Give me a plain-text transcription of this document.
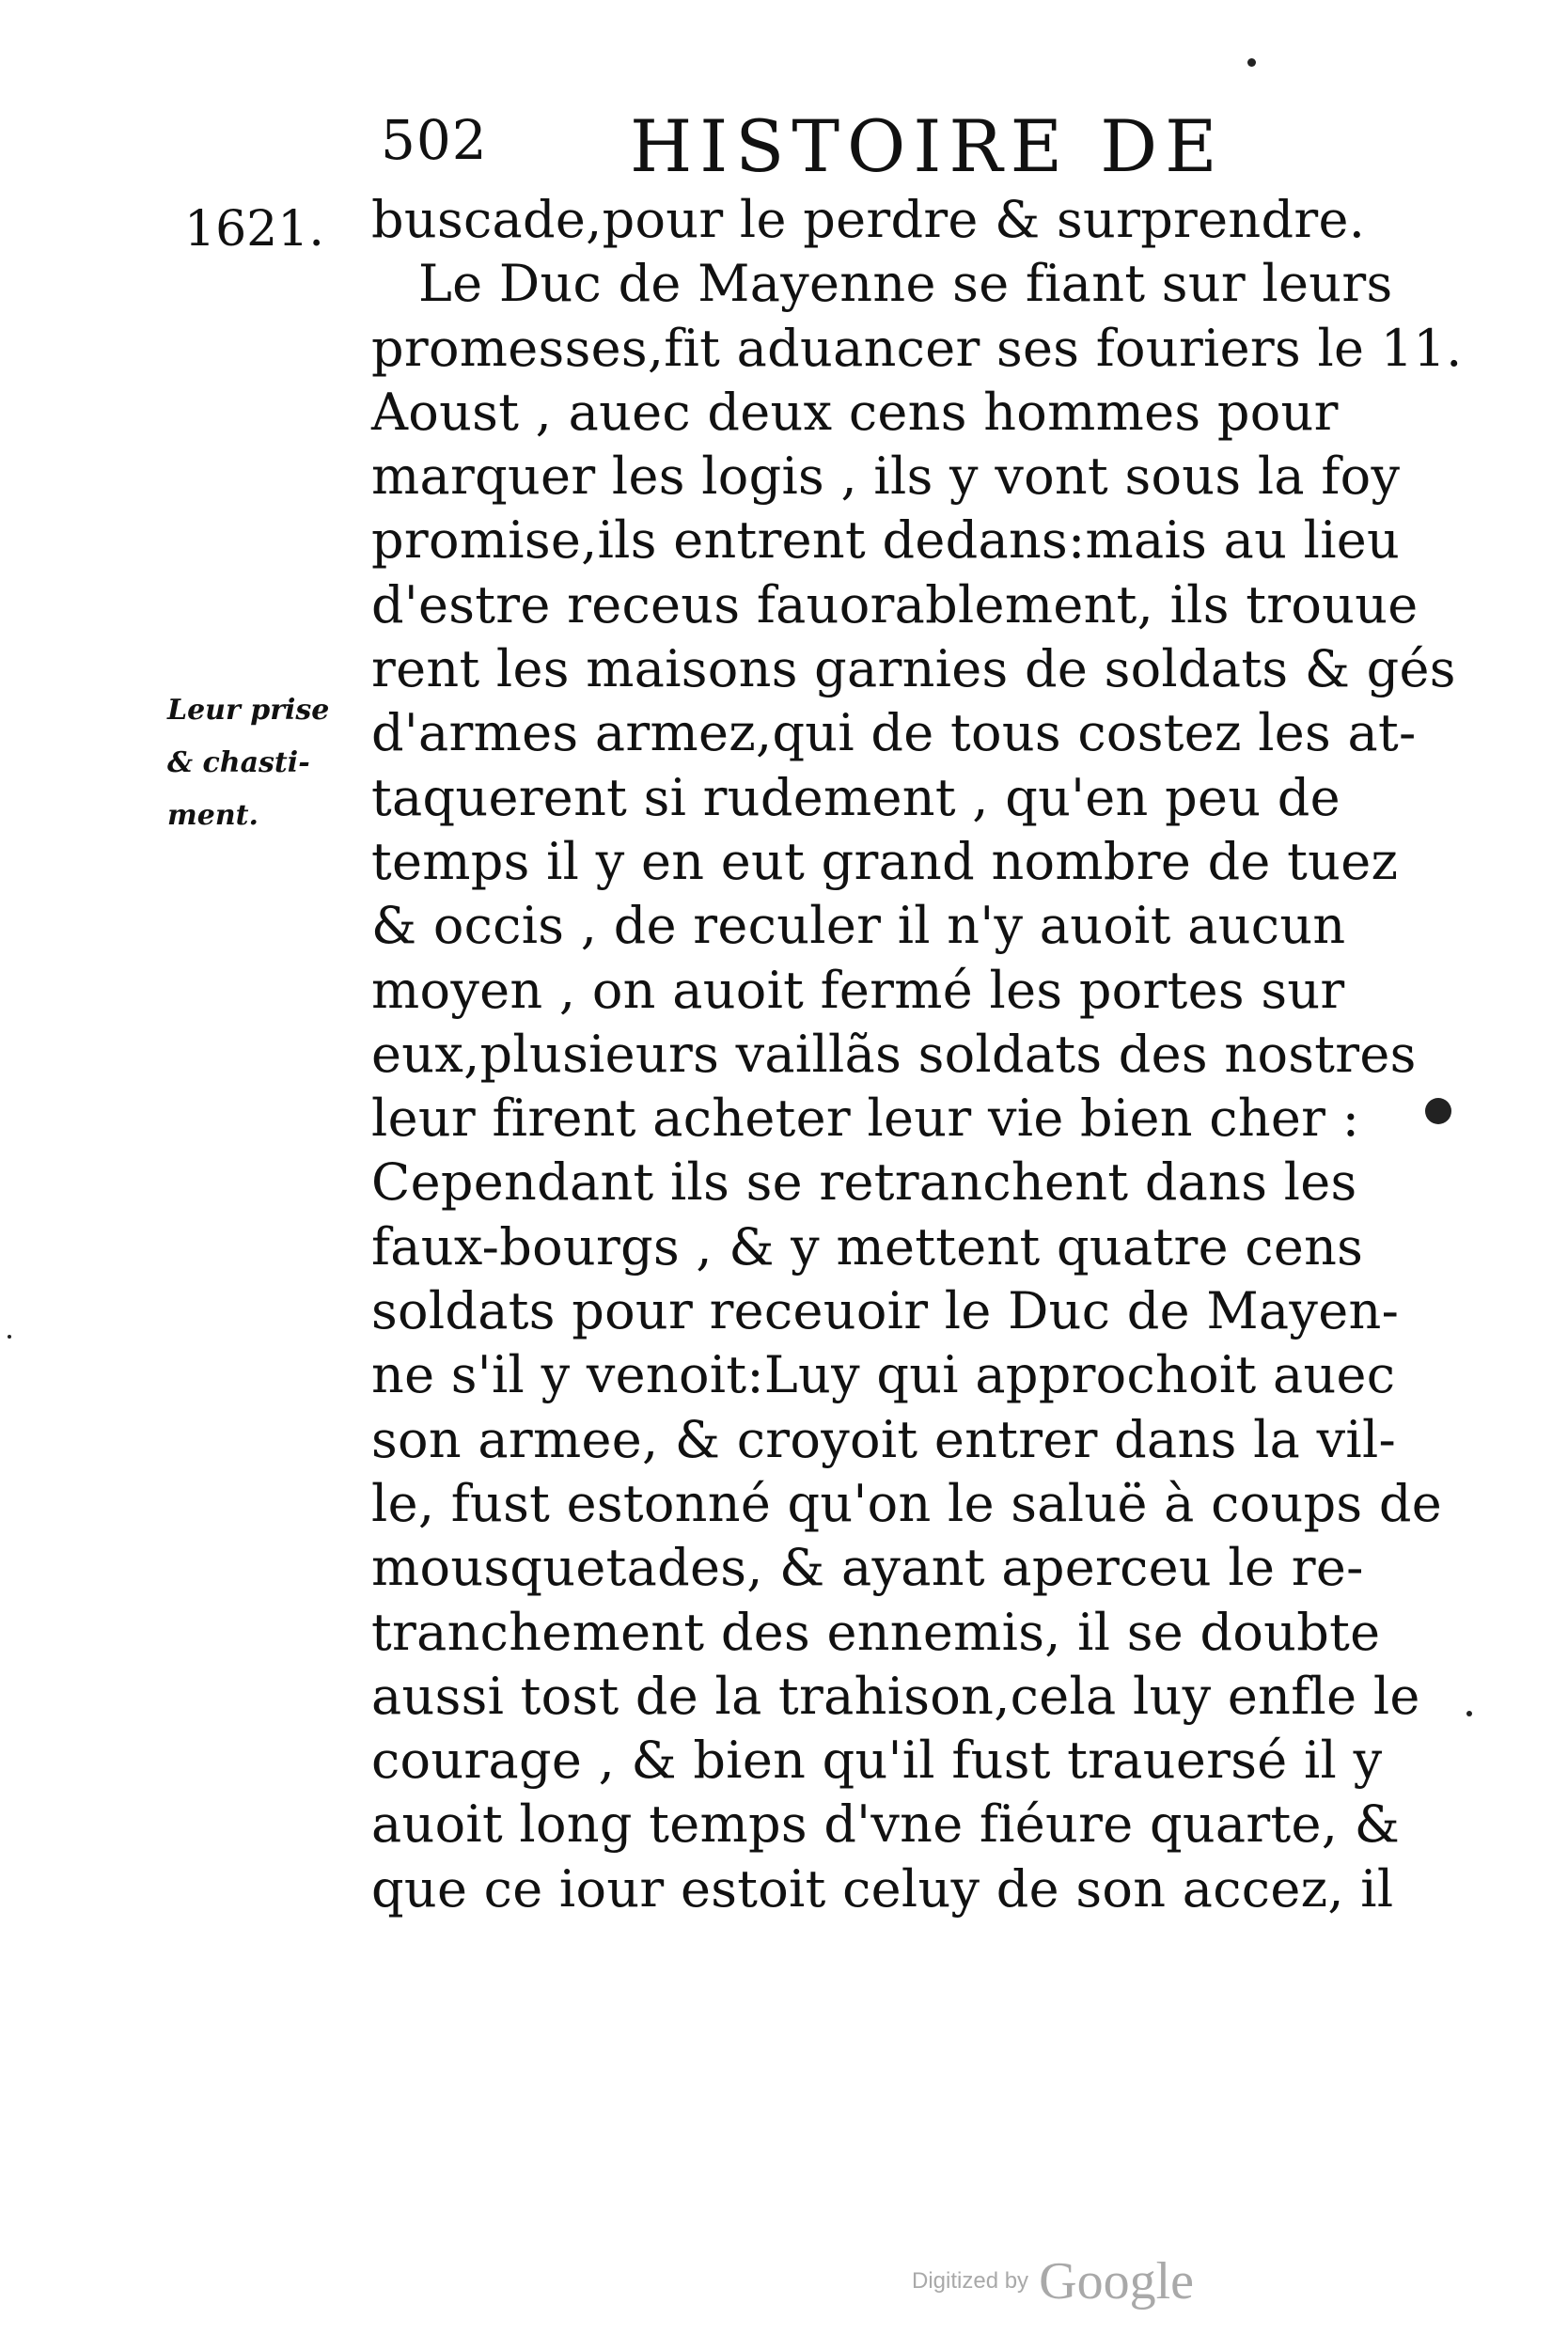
502 HISTOIRE DE
1621.
Leur prise
& chasti-
ment.
buscade,pour le perdre & surprendre.
Le Duc de Mayenne se fiant sur leurs
promesses,fit aduancer ses fouriers le 11.
Aoust , auec deux cens hommes pour
marquer les logis , ils y vont sous la foy
promise,ils entrent dedans:mais au lieu
d'estre receus fauorablement, ils trouue
rent les maisons garnies de soldats & gés
d'armes armez,qui de tous costez les at-
taquerent si rudement , qu'en peu de
temps il y en eut grand nombre de tuez
& occis , de reculer il n'y auoit aucun
moyen , on auoit fermé les portes sur
eux,plusieurs vaillãs soldats des nostres
leur firent acheter leur vie bien cher :
Cependant ils se retranchent dans les
faux-bourgs , & y mettent quatre cens
soldats pour receuoir le Duc de Mayen-
ne s'il y venoit:Luy qui approchoit auec
son armee, & croyoit entrer dans la vil-
le, fust estonné qu'on le saluë à coups de
mousquetades, & ayant aperceu le re-
tranchement des ennemis, il se doubte
aussi tost de la trahison,cela luy enfle le
courage , & bien qu'il fust trauersé il y
auoit long temps d'vne fiéure quarte, &
que ce iour estoit celuy de son accez, il
Digitized by Google
